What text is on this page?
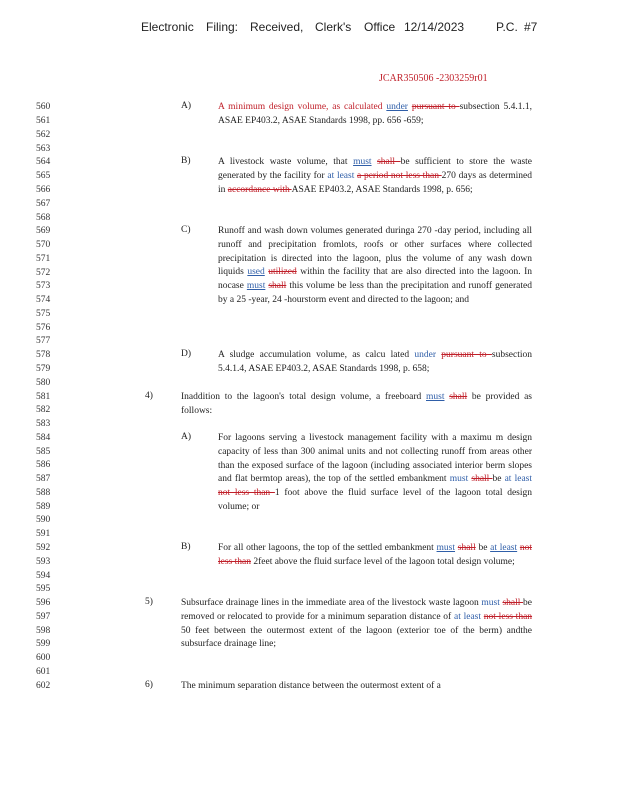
Electronic Filing: Received, Clerk's Office 12/14/2023	P.C. #7
JCAR350506 -2303259r01
560
561
562
563
564
565
566
567
568
569
570
571
572
573
574
575
576
577
578
579
580
581
582
583
584
585
586
587
588
589
590
591
592
593
594
595
596
597
598
599
600
601
602
A)	A minimum design volume, as calculated under pursuant to subsection 5.4.1.1, ASAE EP403.2, ASAE Standards 1998, pp. 656 -659;
B)	A livestock waste volume, that must shall be sufficient to store the waste generated by the facility for at least a period not less than 270 days as determined in accordance with ASAE EP403.2, ASAE Standards 1998, p. 656;
C)	Runoff and wash down volumes generated duringa 270 -day period, including all runoff and precipitation fromlots, roofs or other surfaces where collected precipitation is directed into the lagoon, plus the volume of any wash down liquids used utilized within the facility that are also directed into the lagoon. In nocase must shall this volume be less than the precipitation and runoff generated by a 25 -year, 24 -hourstorm event and directed to the lagoon; and
D)	A sludge accumulation volume, as calcu lated under pursuant to subsection 5.4.1.4, ASAE EP403.2, ASAE Standards 1998, p. 658;
4)	Inaddition to the lagoon's total design volume, a freeboard must shall be provided as follows:
A)	For lagoons serving a livestock management facility with a maximu m design capacity of less than 300 animal units and not collecting runoff from areas other than the exposed surface of the lagoon (including associated interior berm slopes and flat bermtop areas), the top of the settled embankment must shall be at least not less than 1 foot above the fluid surface level of the lagoon total design volume; or
B)	For all other lagoons, the top of the settled embankment must shall be at least not less than 2feet above the fluid surface level of the lagoon total design volume;
5)	Subsurface drainage lines in the immediate area of the livestock waste lagoon must shall be removed or relocated to provide for a minimum separation distance of at least not less than 50 feet between the outermost extent of the lagoon (exterior toe of the berm) andthe subsurface drainage line;
6)	The minimum separation distance between the outermost extent of a
